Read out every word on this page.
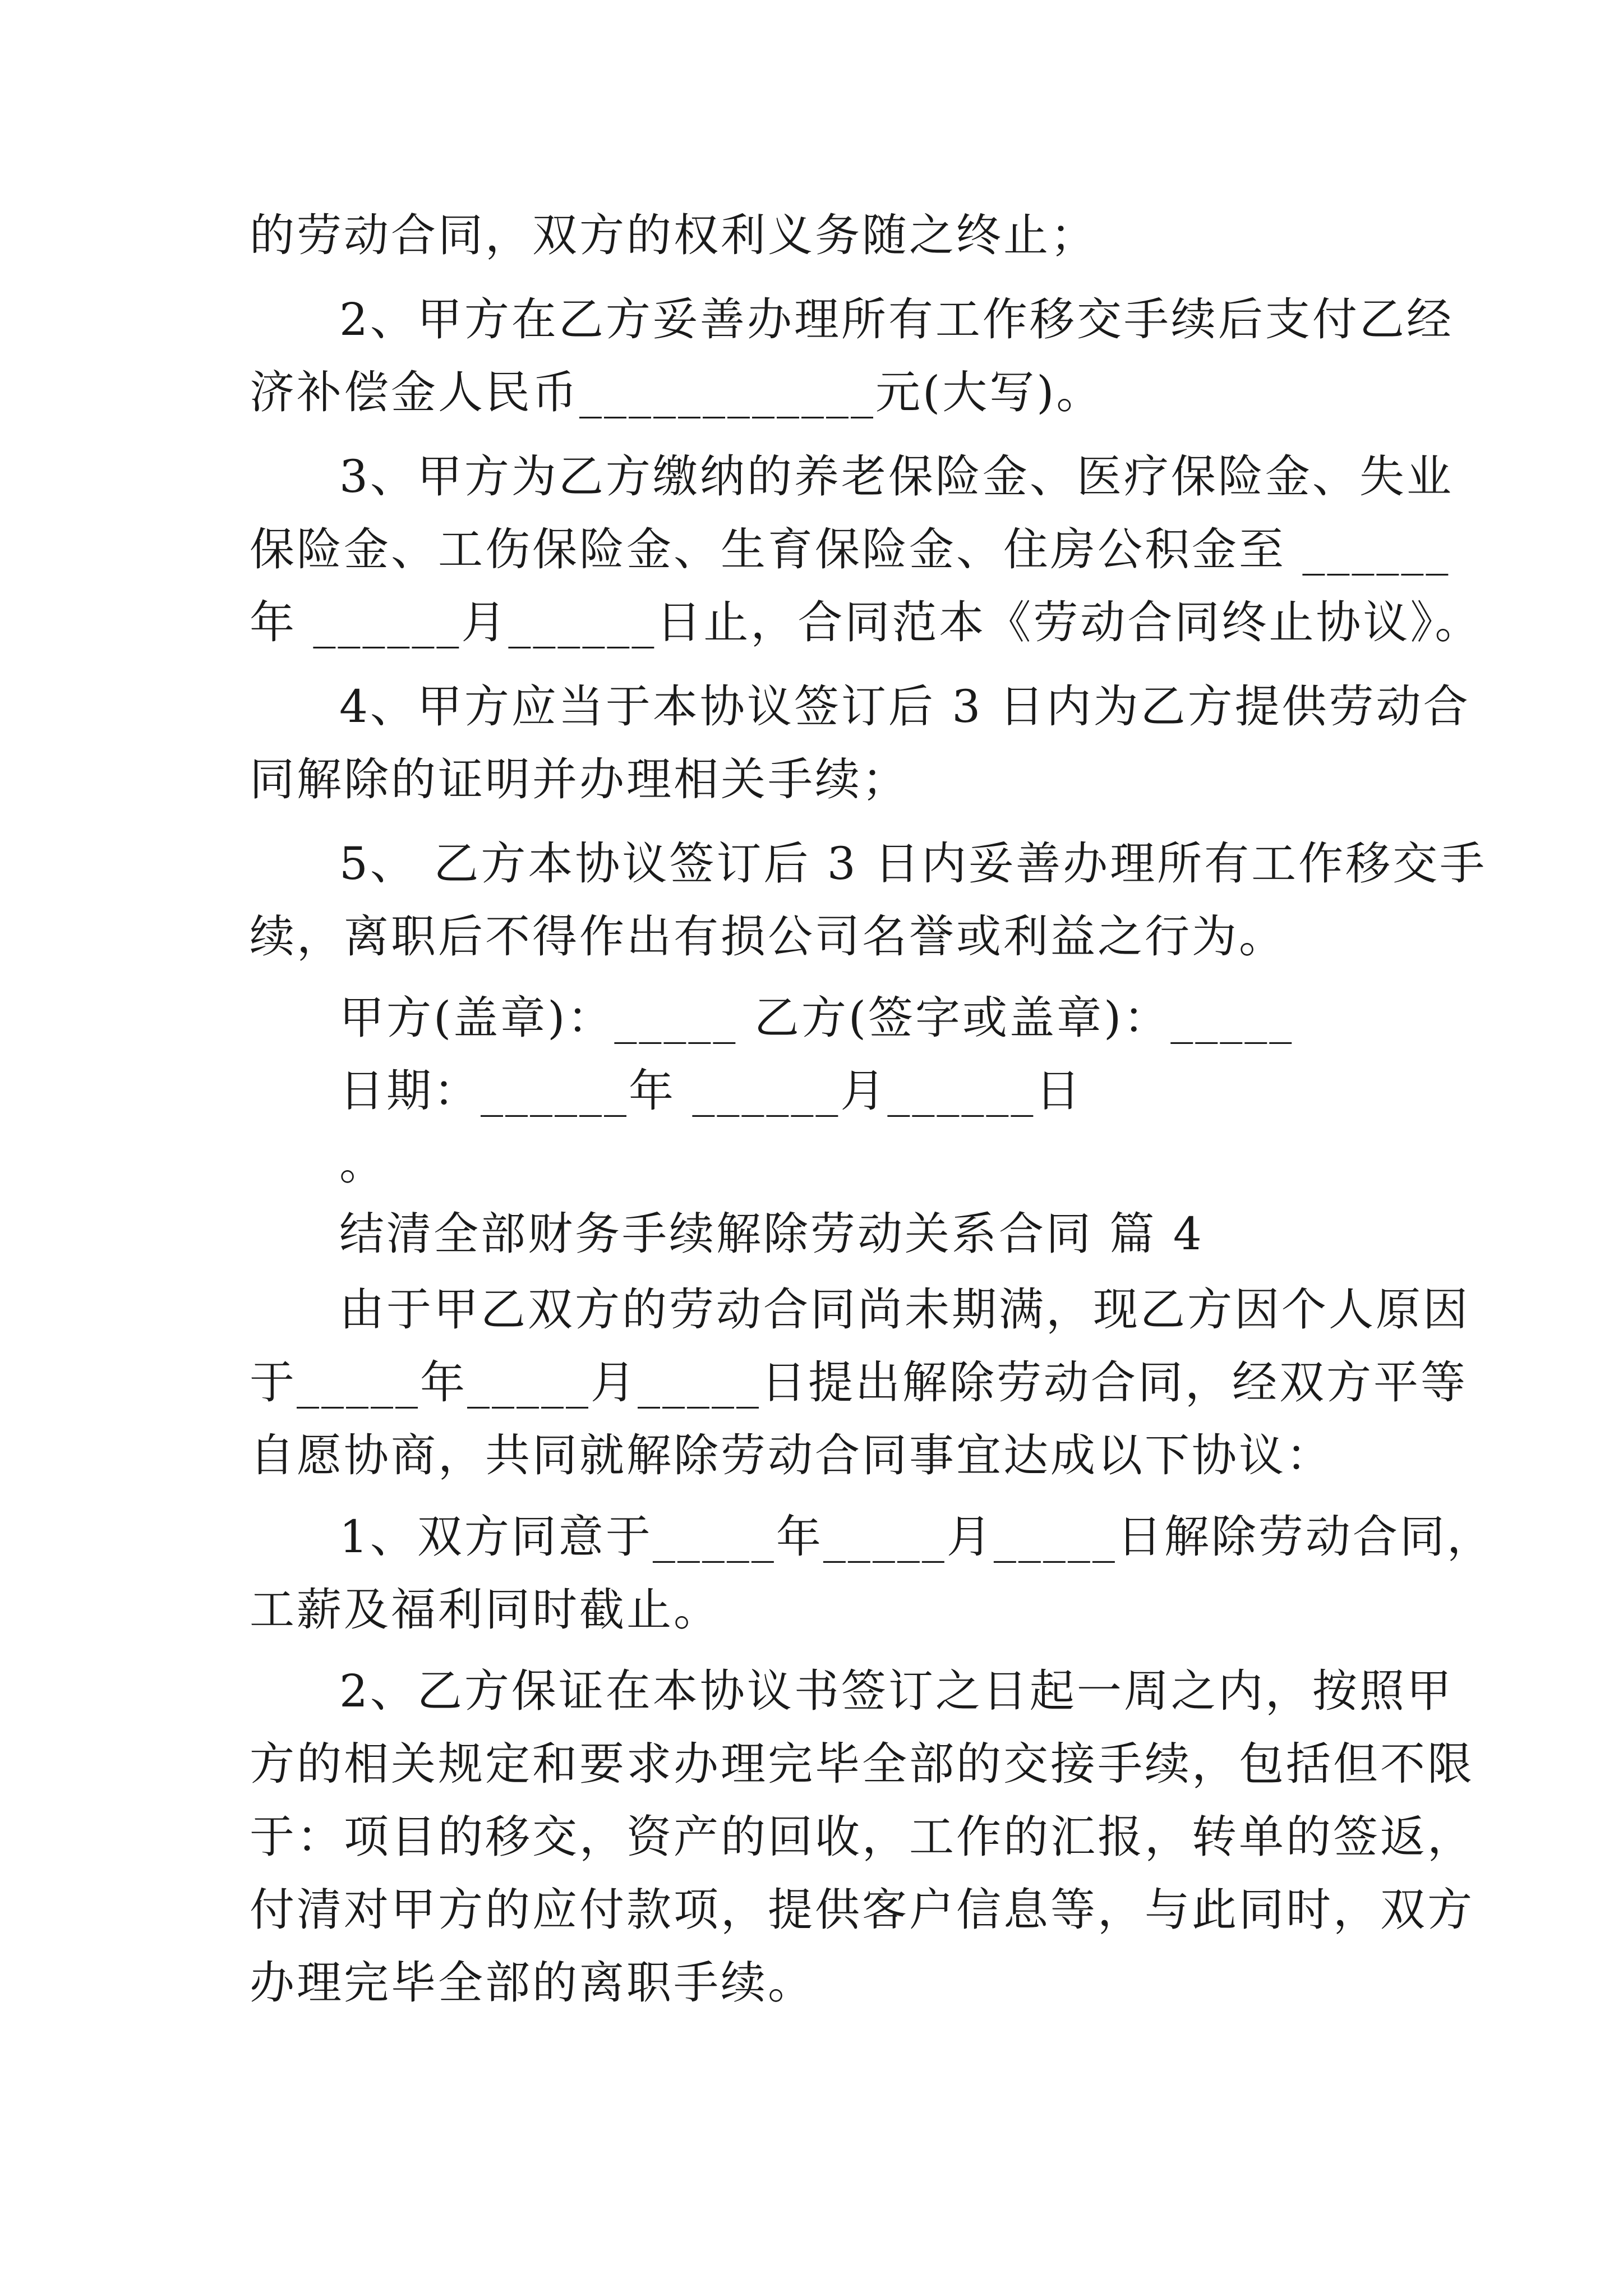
的劳动合同，双方的权利义务随之终止；
2、甲方在乙方妥善办理所有工作移交手续后支付乙经
济补偿金人民币____________元(大写)。
3、甲方为乙方缴纳的养老保险金、医疗保险金、失业
保险金、工伤保险金、生育保险金、住房公积金至 ______
年 ______月______日止，合同范本《劳动合同终止协议》。
4、甲方应当于本协议签订后 3 日内为乙方提供劳动合
同解除的证明并办理相关手续；
5、 乙方本协议签订后 3 日内妥善办理所有工作移交手
续，离职后不得作出有损公司名誉或利益之行为。
甲方(盖章)：_____ 乙方(签字或盖章)：_____
日期：______年 ______月______日
。
结清全部财务手续解除劳动关系合同 篇 4
由于甲乙双方的劳动合同尚未期满，现乙方因个人原因
于_____年_____月_____日提出解除劳动合同，经双方平等
自愿协商，共同就解除劳动合同事宜达成以下协议：
1、双方同意于_____年_____月_____日解除劳动合同，
工薪及福利同时截止。
2、乙方保证在本协议书签订之日起一周之内，按照甲
方的相关规定和要求办理完毕全部的交接手续，包括但不限
于：项目的移交，资产的回收，工作的汇报，转单的签返，
付清对甲方的应付款项，提供客户信息等，与此同时，双方
办理完毕全部的离职手续。
